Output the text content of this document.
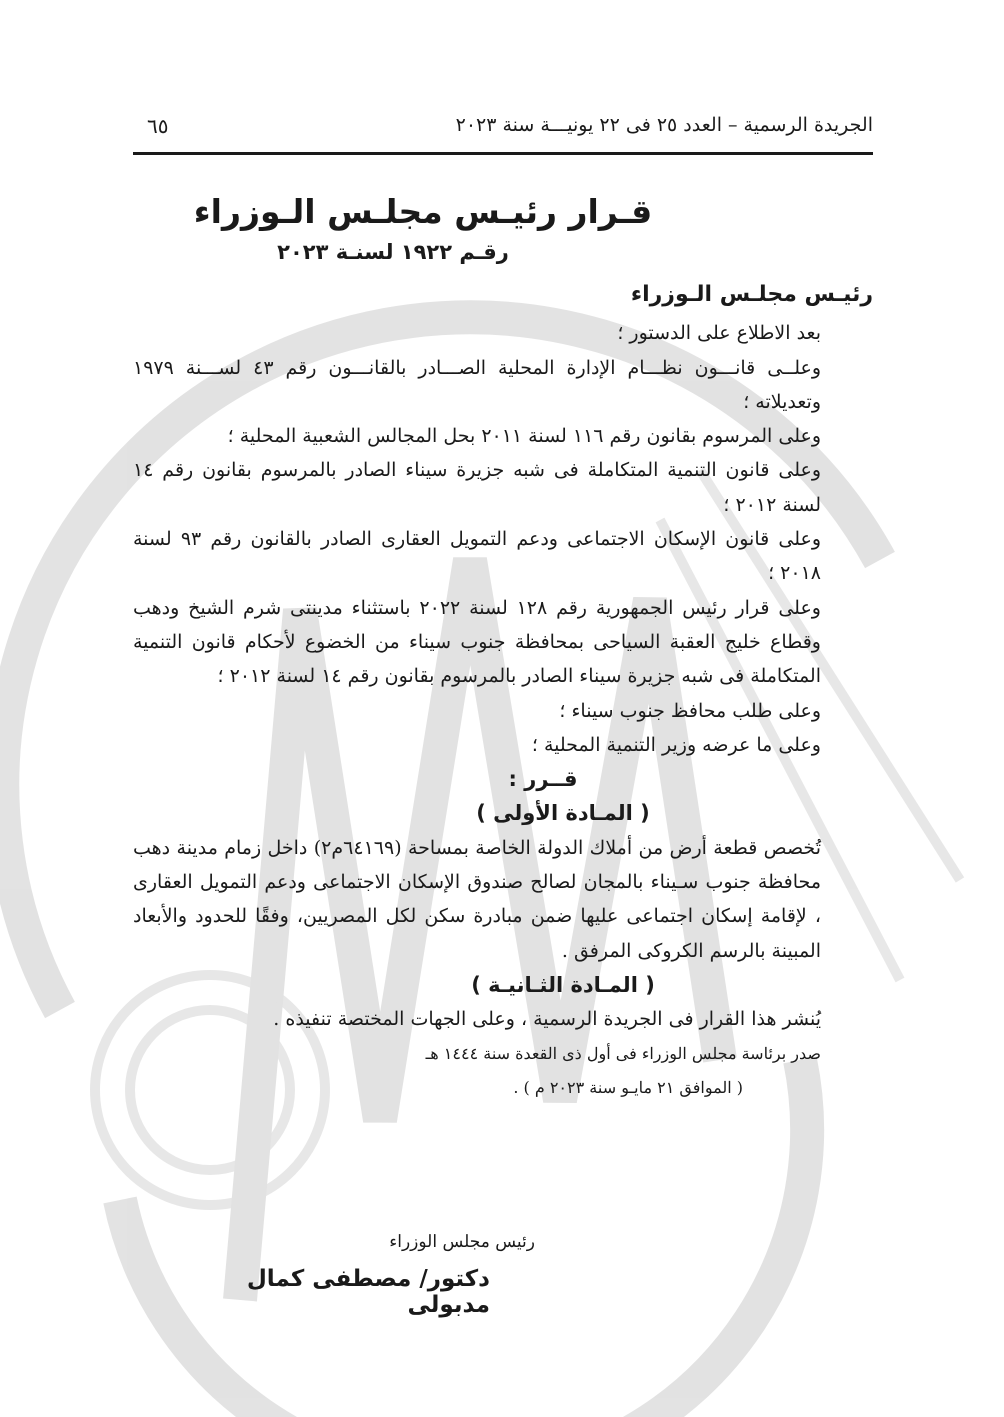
الجريدة الرسمية – العدد ٢٥ فى ٢٢ يونيـــة سنة ٢٠٢٣
٦٥
قـرار رئيـس مجلـس الـوزراء
رقـم ١٩٢٢ لسنـة ٢٠٢٣

رئيـس مجلـس الـوزراء

بعد الاطلاع على الدستور ؛

وعلــى قانـــون نظـــام الإدارة المحلية الصـــادر بالقانـــون رقم ٤٣ لســـنة ١٩٧٩ وتعديلاته ؛

وعلى المرسوم بقانون رقم ١١٦ لسنة ٢٠١١ بحل المجالس الشعبية المحلية ؛

وعلى قانون التنمية المتكاملة فى شبه جزيرة سيناء الصادر بالمرسوم بقانون رقم ١٤ لسنة ٢٠١٢ ؛

وعلى قانون الإسكان الاجتماعى ودعم التمويل العقارى الصادر بالقانون رقم ٩٣ لسنة ٢٠١٨ ؛

وعلى قرار رئيس الجمهورية رقم ١٢٨ لسنة ٢٠٢٢ باستثناء مدينتى شرم الشيخ ودهب وقطاع خليج العقبة السياحى بمحافظة جنوب سيناء من الخضوع لأحكام قانون التنمية المتكاملة فى شبه جزيرة سيناء الصادر بالمرسوم بقانون رقم ١٤ لسنة ٢٠١٢ ؛

وعلى طلب محافظ جنوب سيناء ؛

وعلى ما عرضه وزير التنمية المحلية ؛

قــرر :

( المـادة الأولى )

تُخصص قطعة أرض من أملاك الدولة الخاصة بمساحة (٦٤١٦٩م٢) داخل زمام مدينة دهب محافظة جنوب سـيناء بالمجان لصالح صندوق الإسكان الاجتماعى ودعم التمويل العقارى ، لإقامة إسكان اجتماعى عليها ضمن مبادرة سكن لكل المصريين، وفقًا للحدود والأبعاد المبينة بالرسم الكروكى المرفق .

( المـادة الثـانيـة )

يُنشر هذا القرار فى الجريدة الرسمية ، وعلى الجهات المختصة تنفيذه .

صدر برئاسة مجلس الوزراء فى أول ذى القعدة سنة ١٤٤٤ هـ

( الموافق ٢١ مايـو سنة ٢٠٢٣ م ) .

رئيس مجلس الوزراء
دكتور/ مصطفى كمال مدبولى
